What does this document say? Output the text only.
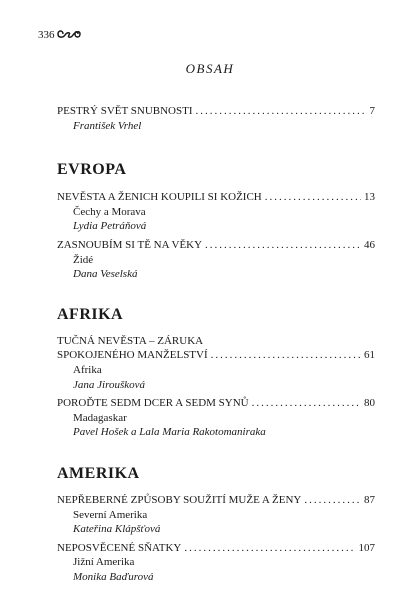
336
OBSAH
PESTRÝ SVĚT SNUBNOSTI .....	7
František Vrhel
EVROPA
NEVĚSTA A ŽENICH KOUPILI SI KOŽICH .....	13
Čechy a Morava
Lydia Petráňová
ZASNOUBÍM SI TĚ NA VĚKY .....	46
Židé
Dana Veselská
AFRIKA
TUČNÁ NEVĚSTA – ZÁRUKA
SPOKOJENÉHO MANŽELSTVÍ .....	61
Afrika
Jana Jiroušková
POROĎTE SEDM DCER A SEDM SYNŮ .....	80
Madagaskar
Pavel Hošek a Lala Maria Rakotomaniraka
AMERIKA
NEPŘEBERNÉ ZPŮSOBY SOUŽITÍ MUŽE A ŽENY .....	87
Severní Amerika
Kateřina Klápšťová
NEPOSVĚCENÉ SŇATKY .....	107
Jižní Amerika
Monika Baďurová
